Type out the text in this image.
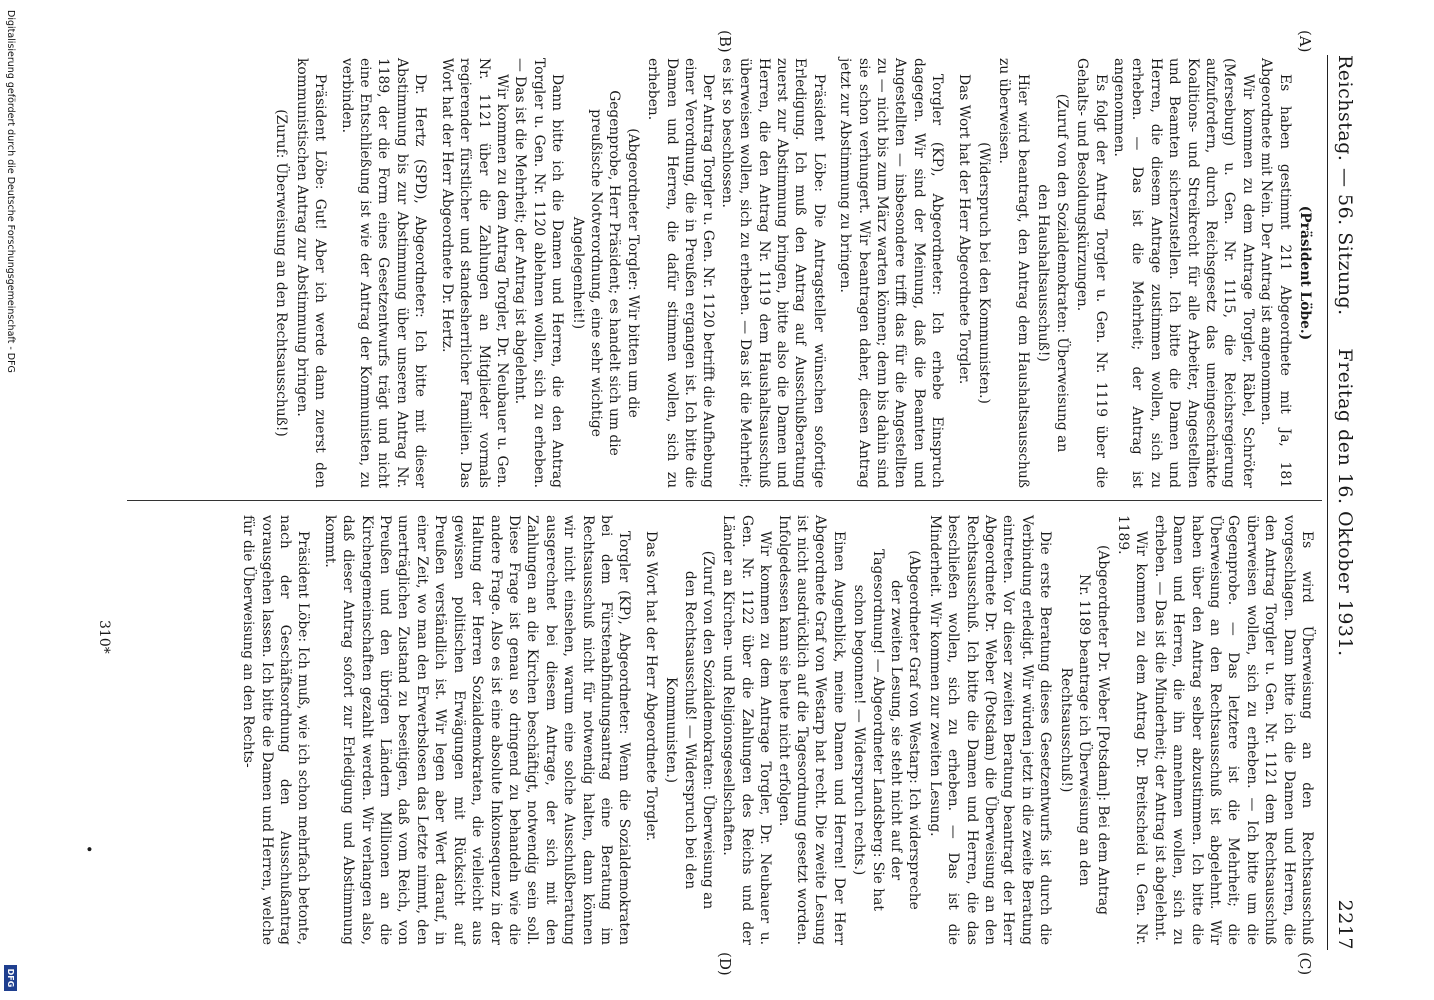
Reichstag. — 56. Sitzung.
Freitag den 16. Oktober 1931.
2217
(A)
(B)
(C)
(D)

(Präsident Löbe.)

Es haben gestimmt 211 Abgeordnete mit Ja, 181 Abgeordnete mit Nein. Der Antrag ist angenommen.

Wir kommen zu dem Antrage Torgler, Räbel, Schröter (Merseburg) u. Gen. Nr. 1115, die Reichsregierung aufzufordern, durch Reichsgesetz das uneingeschränkte Koalitions- und Streikrecht für alle Arbeiter, Angestellten und Beamten sicherzustellen. Ich bitte die Damen und Herren, die diesem Antrage zustimmen wollen, sich zu erheben. — Das ist die Mehrheit; der Antrag ist angenommen.

Es folgt der Antrag Torgler u. Gen. Nr. 1119 über die Gehalts- und Besoldungskürzungen.

(Zuruf von den Sozialdemokraten: Überweisung an den Haushaltsausschuß!)

Hier wird beantragt, den Antrag dem Haushaltsausschuß zu überweisen.

(Widerspruch bei den Kommunisten.)

Das Wort hat der Herr Abgeordnete Torgler.

Torgler (KP), Abgeordneter: Ich erhebe Einspruch dagegen. Wir sind der Meinung, daß die Beamten und Angestellten — insbesondere trifft das für die Angestellten zu — nicht bis zum März warten können; denn bis dahin sind sie schon verhungert. Wir beantragen daher, diesen Antrag jetzt zur Abstimmung zu bringen.

Präsident Löbe: Die Antragsteller wünschen sofortige Erledigung. Ich muß den Antrag auf Ausschußberatung zuerst zur Abstimmung bringen, bitte also die Damen und Herren, die den Antrag Nr. 1119 dem Haushaltsausschuß überweisen wollen, sich zu erheben. — Das ist die Mehrheit; es ist so beschlossen.

Der Antrag Torgler u. Gen. Nr. 1120 betrifft die Aufhebung einer Verordnung, die in Preußen ergangen ist. Ich bitte die Damen und Herren, die dafür stimmen wollen, sich zu erheben.

(Abgeordneter Torgler: Wir bitten um die Gegenprobe, Herr Präsident; es handelt sich um die preußische Notverordnung, eine sehr wichtige Angelegenheit!)

Dann bitte ich die Damen und Herren, die den Antrag Torgler u. Gen. Nr. 1120 ablehnen wollen, sich zu erheben. — Das ist die Mehrheit; der Antrag ist abgelehnt.

Wir kommen zu dem Antrag Torgler, Dr. Neubauer u. Gen. Nr. 1121 über die Zahlungen an Mitglieder vormals regierender fürstlicher und standesherrlicher Familien. Das Wort hat der Herr Abgeordnete Dr. Hertz.

Dr. Hertz (SPD), Abgeordneter: Ich bitte mit dieser Abstimmung bis zur Abstimmung über unseren Antrag Nr. 1189, der die Form eines Gesetzentwurfs trägt und nicht eine Entschließung ist wie der Antrag der Kommunisten, zu verbinden.

Präsident Löbe: Gut! Aber ich werde dann zuerst den kommunistischen Antrag zur Abstimmung bringen.

(Zuruf: Überweisung an den Rechtsausschuß!)

Es wird Überweisung an den Rechtsausschuß vorgeschlagen. Dann bitte ich die Damen und Herren, die den Antrag Torgler u. Gen. Nr. 1121 dem Rechtsausschuß überweisen wollen, sich zu erheben. — Ich bitte um die Gegenprobe. — Das letztere ist die Mehrheit; die Überweisung an den Rechtsausschuß ist abgelehnt. Wir haben über den Antrag selber abzustimmen. Ich bitte die Damen und Herren, die ihn annehmen wollen, sich zu erheben. — Das ist die Minderheit; der Antrag ist abgelehnt.

Wir kommen zu dem Antrag Dr. Breitscheid u. Gen. Nr. 1189.

(Abgeordneter Dr. Weber [Potsdam]: Bei dem Antrag Nr. 1189 beantrage ich Überweisung an den Rechtsausschuß!)

Die erste Beratung dieses Gesetzentwurfs ist durch die Verbindung erledigt. Wir würden jetzt in die zweite Beratung eintreten. Vor dieser zweiten Beratung beantragt der Herr Abgeordnete Dr. Weber (Potsdam) die Überweisung an den Rechtsausschuß. Ich bitte die Damen und Herren, die das beschließen wollen, sich zu erheben. — Das ist die Minderheit. Wir kommen zur zweiten Lesung.

(Abgeordneter Graf von Westarp: Ich widerspreche der zweiten Lesung, sie steht nicht auf der Tagesordnung! — Abgeordneter Landsberg: Sie hat schon begonnen! — Widerspruch rechts.)

Einen Augenblick, meine Damen und Herren! Der Herr Abgeordnete Graf von Westarp hat recht. Die zweite Lesung ist nicht ausdrücklich auf die Tagesordnung gesetzt worden. Infolgedessen kann sie heute nicht erfolgen.

Wir kommen zu dem Antrage Torgler, Dr. Neubauer u. Gen. Nr. 1122 über die Zahlungen des Reichs und der Länder an Kirchen- und Religionsgesellschaften.

(Zuruf von den Sozialdemokraten: Überweisung an den Rechtsausschuß! — Widerspruch bei den Kommunisten.)

Das Wort hat der Herr Abgeordnete Torgler.

Torgler (KP), Abgeordneter: Wenn die Sozialdemokraten bei dem Fürstenabfindungsantrag eine Beratung im Rechtsausschuß nicht für notwendig halten, dann können wir nicht einsehen, warum eine solche Ausschußberatung ausgerechnet bei diesem Antrage, der sich mit den Zahlungen an die Kirchen beschäftigt, notwendig sein soll. Diese Frage ist genau so dringend zu behandeln wie die andere Frage. Also es ist eine absolute Inkonsequenz in der Haltung der Herren Sozialdemokraten, die vielleicht aus gewissen politischen Erwägungen mit Rücksicht auf Preußen verständlich ist. Wir legen aber Wert darauf, in einer Zeit, wo man den Erwerbslosen das Letzte nimmt, den unerträglichen Zustand zu beseitigen, daß vom Reich, von Preußen und den übrigen Ländern Millionen an die Kirchengemeinschaften gezahlt werden. Wir verlangen also, daß dieser Antrag sofort zur Erledigung und Abstimmung kommt.

Präsident Löbe: Ich muß, wie ich schon mehrfach betonte, nach der Geschäftsordnung den Ausschußantrag vorausgehen lassen. Ich bitte die Damen und Herren, welche für die Überweisung an den Rechts-

310*
•
Digitalisierung gefördert durch die Deutsche Forschungsgemeinschaft - DFG
DFG
